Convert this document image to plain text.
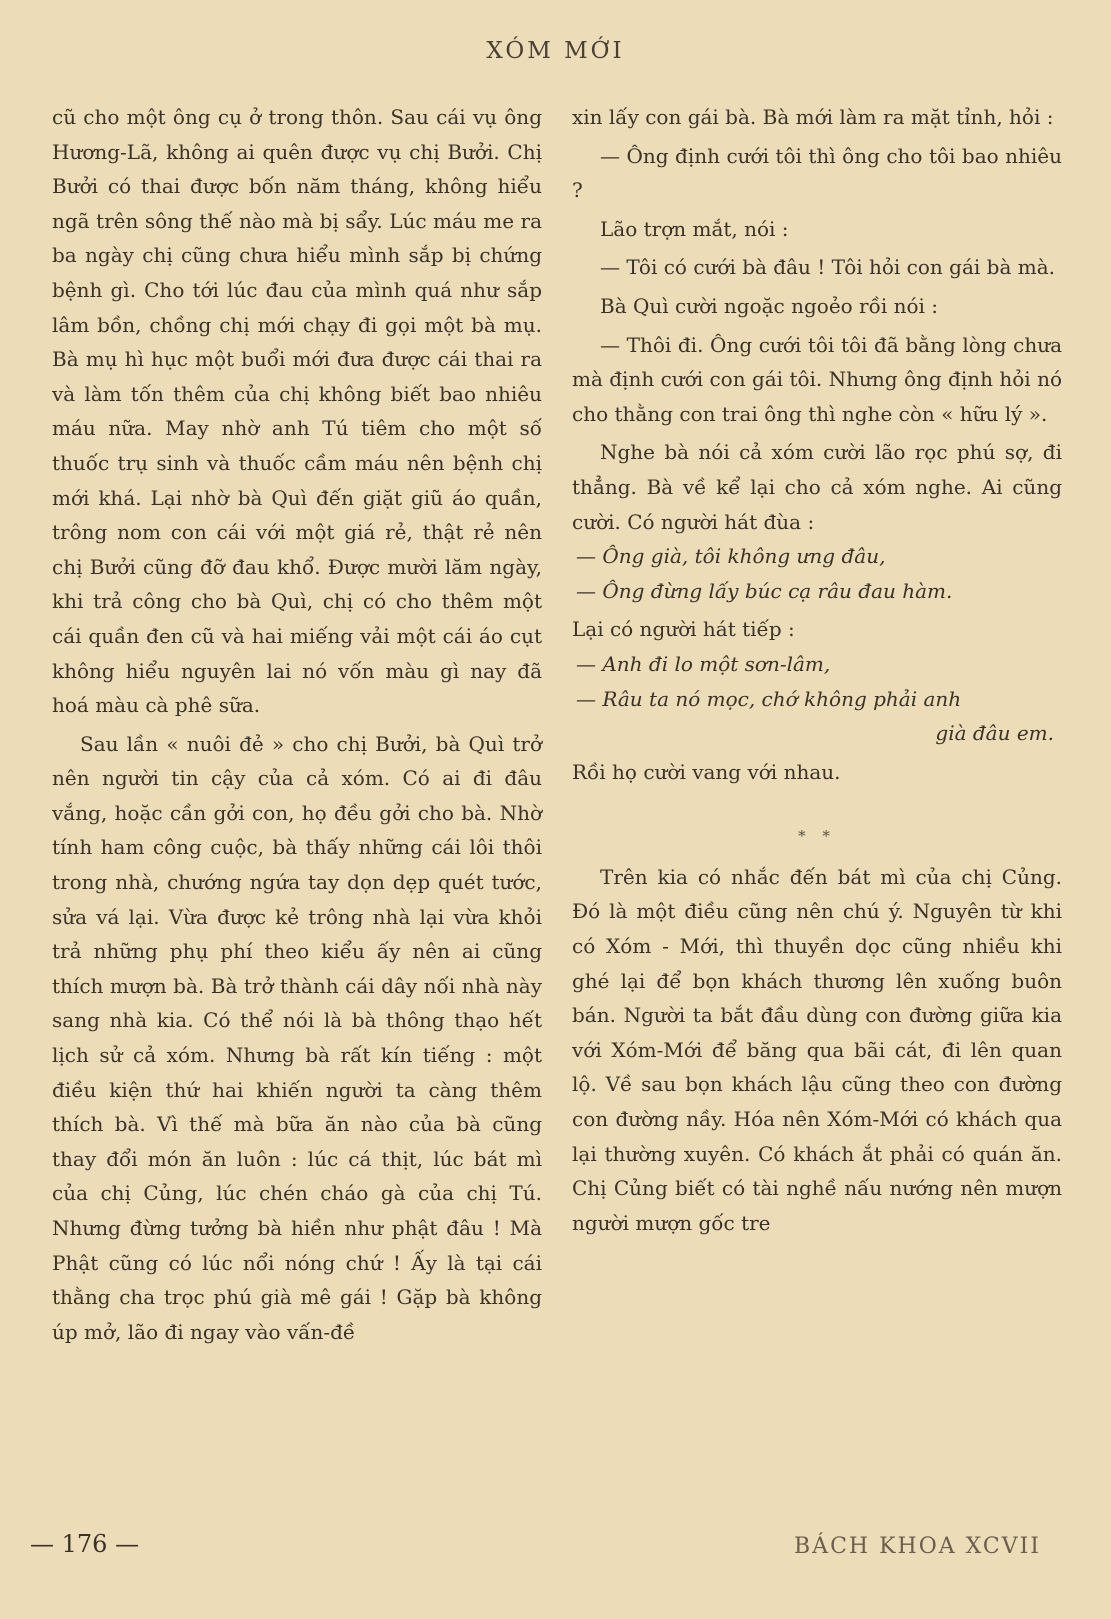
XÓM MỚI

cũ cho một ông cụ ở trong thôn. Sau cái vụ ông Hương-Lã, không ai quên được vụ chị Bưởi. Chị Bưởi có thai được bốn năm tháng, không hiểu ngã trên sông thế nào mà bị sẩy. Lúc máu me ra ba ngày chị cũng chưa hiểu mình sắp bị chứng bệnh gì. Cho tới lúc đau của mình quá như sắp lâm bồn, chồng chị mới chạy đi gọi một bà mụ. Bà mụ hì hục một buổi mới đưa được cái thai ra và làm tốn thêm của chị không biết bao nhiêu máu nữa. May nhờ anh Tú tiêm cho một số thuốc trụ sinh và thuốc cầm máu nên bệnh chị mới khá. Lại nhờ bà Quì đến giặt giũ áo quần, trông nom con cái với một giá rẻ, thật rẻ nên chị Bưởi cũng đỡ đau khổ. Được mười lăm ngày, khi trả công cho bà Quì, chị có cho thêm một cái quần đen cũ và hai miếng vải một cái áo cụt không hiểu nguyên lai nó vốn màu gì nay đã hoá màu cà phê sữa.

Sau lần « nuôi đẻ » cho chị Bưởi, bà Quì trở nên người tin cậy của cả xóm. Có ai đi đâu vắng, hoặc cần gởi con, họ đều gởi cho bà. Nhờ tính ham công cuộc, bà thấy những cái lôi thôi trong nhà, chướng ngứa tay dọn dẹp quét tước, sửa vá lại. Vừa được kẻ trông nhà lại vừa khỏi trả những phụ phí theo kiểu ấy nên ai cũng thích mượn bà. Bà trở thành cái dây nối nhà này sang nhà kia. Có thể nói là bà thông thạo hết lịch sử cả xóm. Nhưng bà rất kín tiếng : một điều kiện thứ hai khiến người ta càng thêm thích bà. Vì thế mà bữa ăn nào của bà cũng thay đổi món ăn luôn : lúc cá thịt, lúc bát mì của chị Củng, lúc chén cháo gà của chị Tú. Nhưng đừng tưởng bà hiền như phật đâu ! Mà Phật cũng có lúc nổi nóng chứ ! Ấy là tại cái thằng cha trọc phú già mê gái ! Gặp bà không úp mở, lão đi ngay vào vấn-đề

xin lấy con gái bà. Bà mới làm ra mặt tỉnh, hỏi :

— Ông định cưới tôi thì ông cho tôi bao nhiêu ?

Lão trợn mắt, nói :

— Tôi có cưới bà đâu ! Tôi hỏi con gái bà mà.

Bà Quì cười ngoặc ngoẻo rồi nói :

— Thôi đi. Ông cưới tôi tôi đã bằng lòng chưa mà định cưới con gái tôi. Nhưng ông định hỏi nó cho thằng con trai ông thì nghe còn « hữu lý ».

Nghe bà nói cả xóm cười lão rọc phú sợ, đi thẳng. Bà về kể lại cho cả xóm nghe. Ai cũng cười. Có người hát đùa :

— Ông già, tôi không ưng đâu,

— Ông đừng lấy búc cạ râu đau hàm.

Lại có người hát tiếp :

— Anh đi lo một sơn-lâm,

— Râu ta nó mọc, chớ không phải anh

già đâu em.

Rồi họ cười vang với nhau.

* *

Trên kia có nhắc đến bát mì của chị Củng. Đó là một điều cũng nên chú ý. Nguyên từ khi có Xóm - Mới, thì thuyền dọc cũng nhiều khi ghé lại để bọn khách thương lên xuống buôn bán. Người ta bắt đầu dùng con đường giữa kia với Xóm-Mới để băng qua bãi cát, đi lên quan lộ. Về sau bọn khách lậu cũng theo con đường con đường nầy. Hóa nên Xóm-Mới có khách qua lại thường xuyên. Có khách ắt phải có quán ăn. Chị Củng biết có tài nghề nấu nướng nên mượn người mượn gốc tre

— 176 —	BÁCH KHOA XCVII
